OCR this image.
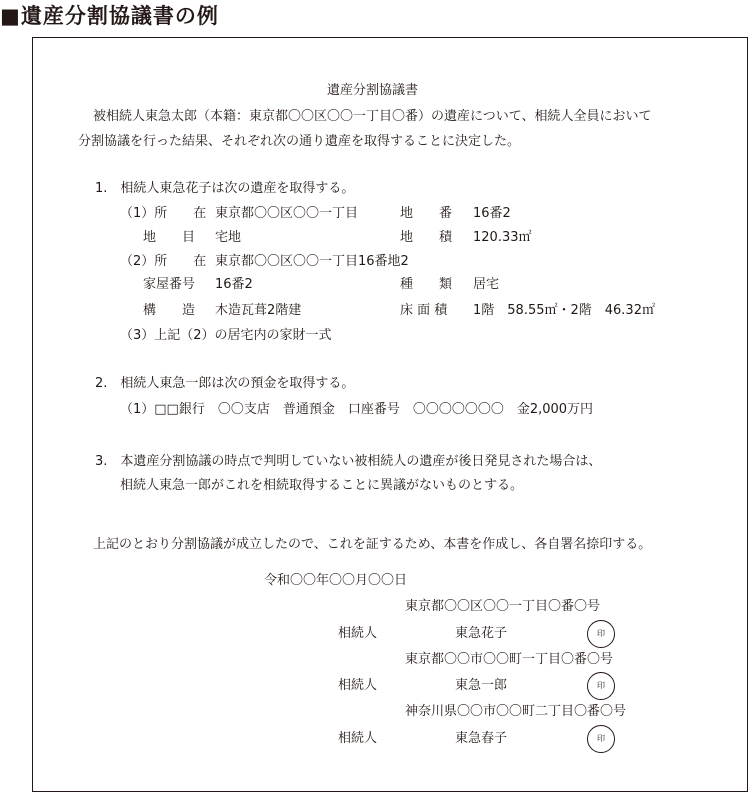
■遺産分割協議書の例
遺産分割協議書
被相続人東急太郎（本籍：東京都〇〇区〇〇一丁目〇番）の遺産について、相続人全員において
分割協議を行った結果、それぞれ次の通り遺産を取得することに決定した。
1.　相続人東急花子は次の遺産を取得する。
（1）所　　在 東京都〇〇区〇〇一丁目	地　　番 16番2
地　　目 宅地	地　　積 120.33㎡
（2）所　　在 東京都〇〇区〇〇一丁目16番地2
家屋番号 16番2	種　　類 居宅
構　　造 木造瓦葺2階建	床 面 積 1階　58.55㎡・2階　46.32㎡
（3）上記（2）の居宅内の家財一式
2.　相続人東急一郎は次の預金を取得する。
（1）□□銀行　〇〇支店　普通預金　口座番号　〇〇〇〇〇〇〇　金2,000万円
3.　本遺産分割協議の時点で判明していない被相続人の遺産が後日発見された場合は、
相続人東急一郎がこれを相続取得することに異議がないものとする。
上記のとおり分割協議が成立したので、これを証するため、本書を作成し、各自署名捺印する。
令和〇〇年〇〇月〇〇日
東京都〇〇区〇〇一丁目〇番〇号
相続人	東急花子	印
東京都〇〇市〇〇町一丁目〇番〇号
相続人	東急一郎	印
神奈川県〇〇市〇〇町二丁目〇番〇号
相続人	東急春子	印
